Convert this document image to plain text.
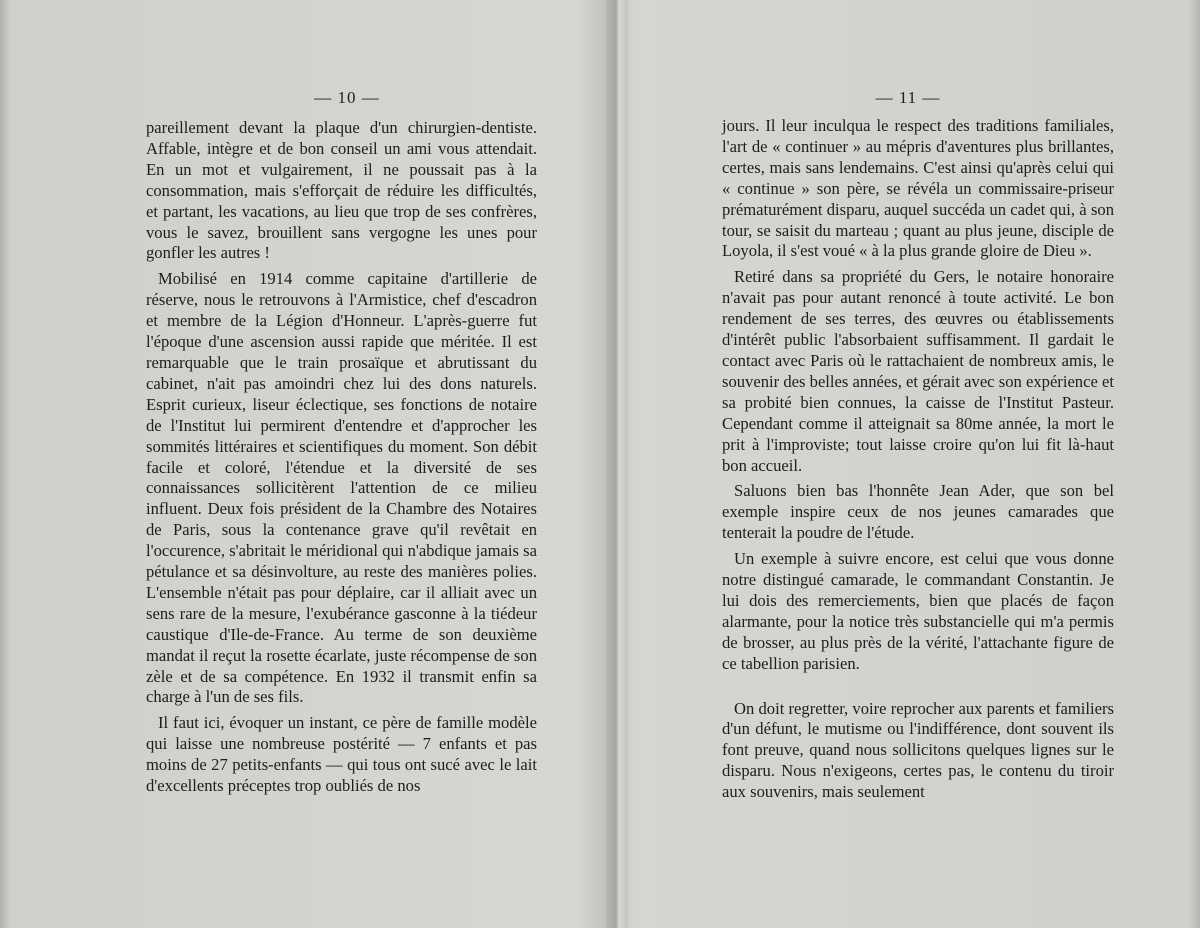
— 10 —

pareillement devant la plaque d'un chirurgien-dentiste. Affable, intègre et de bon conseil un ami vous attendait. En un mot et vulgairement, il ne poussait pas à la consommation, mais s'efforçait de réduire les difficultés, et partant, les vacations, au lieu que trop de ses confrères, vous le savez, brouillent sans vergogne les unes pour gonfler les autres !

Mobilisé en 1914 comme capitaine d'artillerie de réserve, nous le retrouvons à l'Armistice, chef d'escadron et membre de la Légion d'Honneur. L'après-guerre fut l'époque d'une ascension aussi rapide que méritée. Il est remarquable que le train prosaïque et abrutissant du cabinet, n'ait pas amoindri chez lui des dons naturels. Esprit curieux, liseur éclectique, ses fonctions de notaire de l'Institut lui permirent d'entendre et d'approcher les sommités littéraires et scientifiques du moment. Son débit facile et coloré, l'étendue et la diversité de ses connaissances sollicitèrent l'attention de ce milieu influent. Deux fois président de la Chambre des Notaires de Paris, sous la contenance grave qu'il revêtait en l'occurence, s'abritait le méridional qui n'abdique jamais sa pétulance et sa désinvolture, au reste des manières polies. L'ensemble n'était pas pour déplaire, car il alliait avec un sens rare de la mesure, l'exubérance gasconne à la tiédeur caustique d'Ile-de-France. Au terme de son deuxième mandat il reçut la rosette écarlate, juste récompense de son zèle et de sa compétence. En 1932 il transmit enfin sa charge à l'un de ses fils.

Il faut ici, évoquer un instant, ce père de famille modèle qui laisse une nombreuse postérité — 7 enfants et pas moins de 27 petits-enfants — qui tous ont sucé avec le lait d'excellents préceptes trop oubliés de nos

— 11 —

jours. Il leur inculqua le respect des traditions familiales, l'art de « continuer » au mépris d'aventures plus brillantes, certes, mais sans lendemains. C'est ainsi qu'après celui qui « continue » son père, se révéla un commissaire-priseur prématurément disparu, auquel succéda un cadet qui, à son tour, se saisit du marteau ; quant au plus jeune, disciple de Loyola, il s'est voué « à la plus grande gloire de Dieu ».

Retiré dans sa propriété du Gers, le notaire honoraire n'avait pas pour autant renoncé à toute activité. Le bon rendement de ses terres, des œuvres ou établissements d'intérêt public l'absorbaient suffisamment. Il gardait le contact avec Paris où le rattachaient de nombreux amis, le souvenir des belles années, et gérait avec son expérience et sa probité bien connues, la caisse de l'Institut Pasteur. Cependant comme il atteignait sa 80me année, la mort le prit à l'improviste; tout laisse croire qu'on lui fit là-haut bon accueil.

Saluons bien bas l'honnête Jean Ader, que son bel exemple inspire ceux de nos jeunes camarades que tenterait la poudre de l'étude.

Un exemple à suivre encore, est celui que vous donne notre distingué camarade, le commandant Constantin. Je lui dois des remerciements, bien que placés de façon alarmante, pour la notice très substancielle qui m'a permis de brosser, au plus près de la vérité, l'attachante figure de ce tabellion parisien.

On doit regretter, voire reprocher aux parents et familiers d'un défunt, le mutisme ou l'indifférence, dont souvent ils font preuve, quand nous sollicitons quelques lignes sur le disparu. Nous n'exigeons, certes pas, le contenu du tiroir aux souvenirs, mais seulement
